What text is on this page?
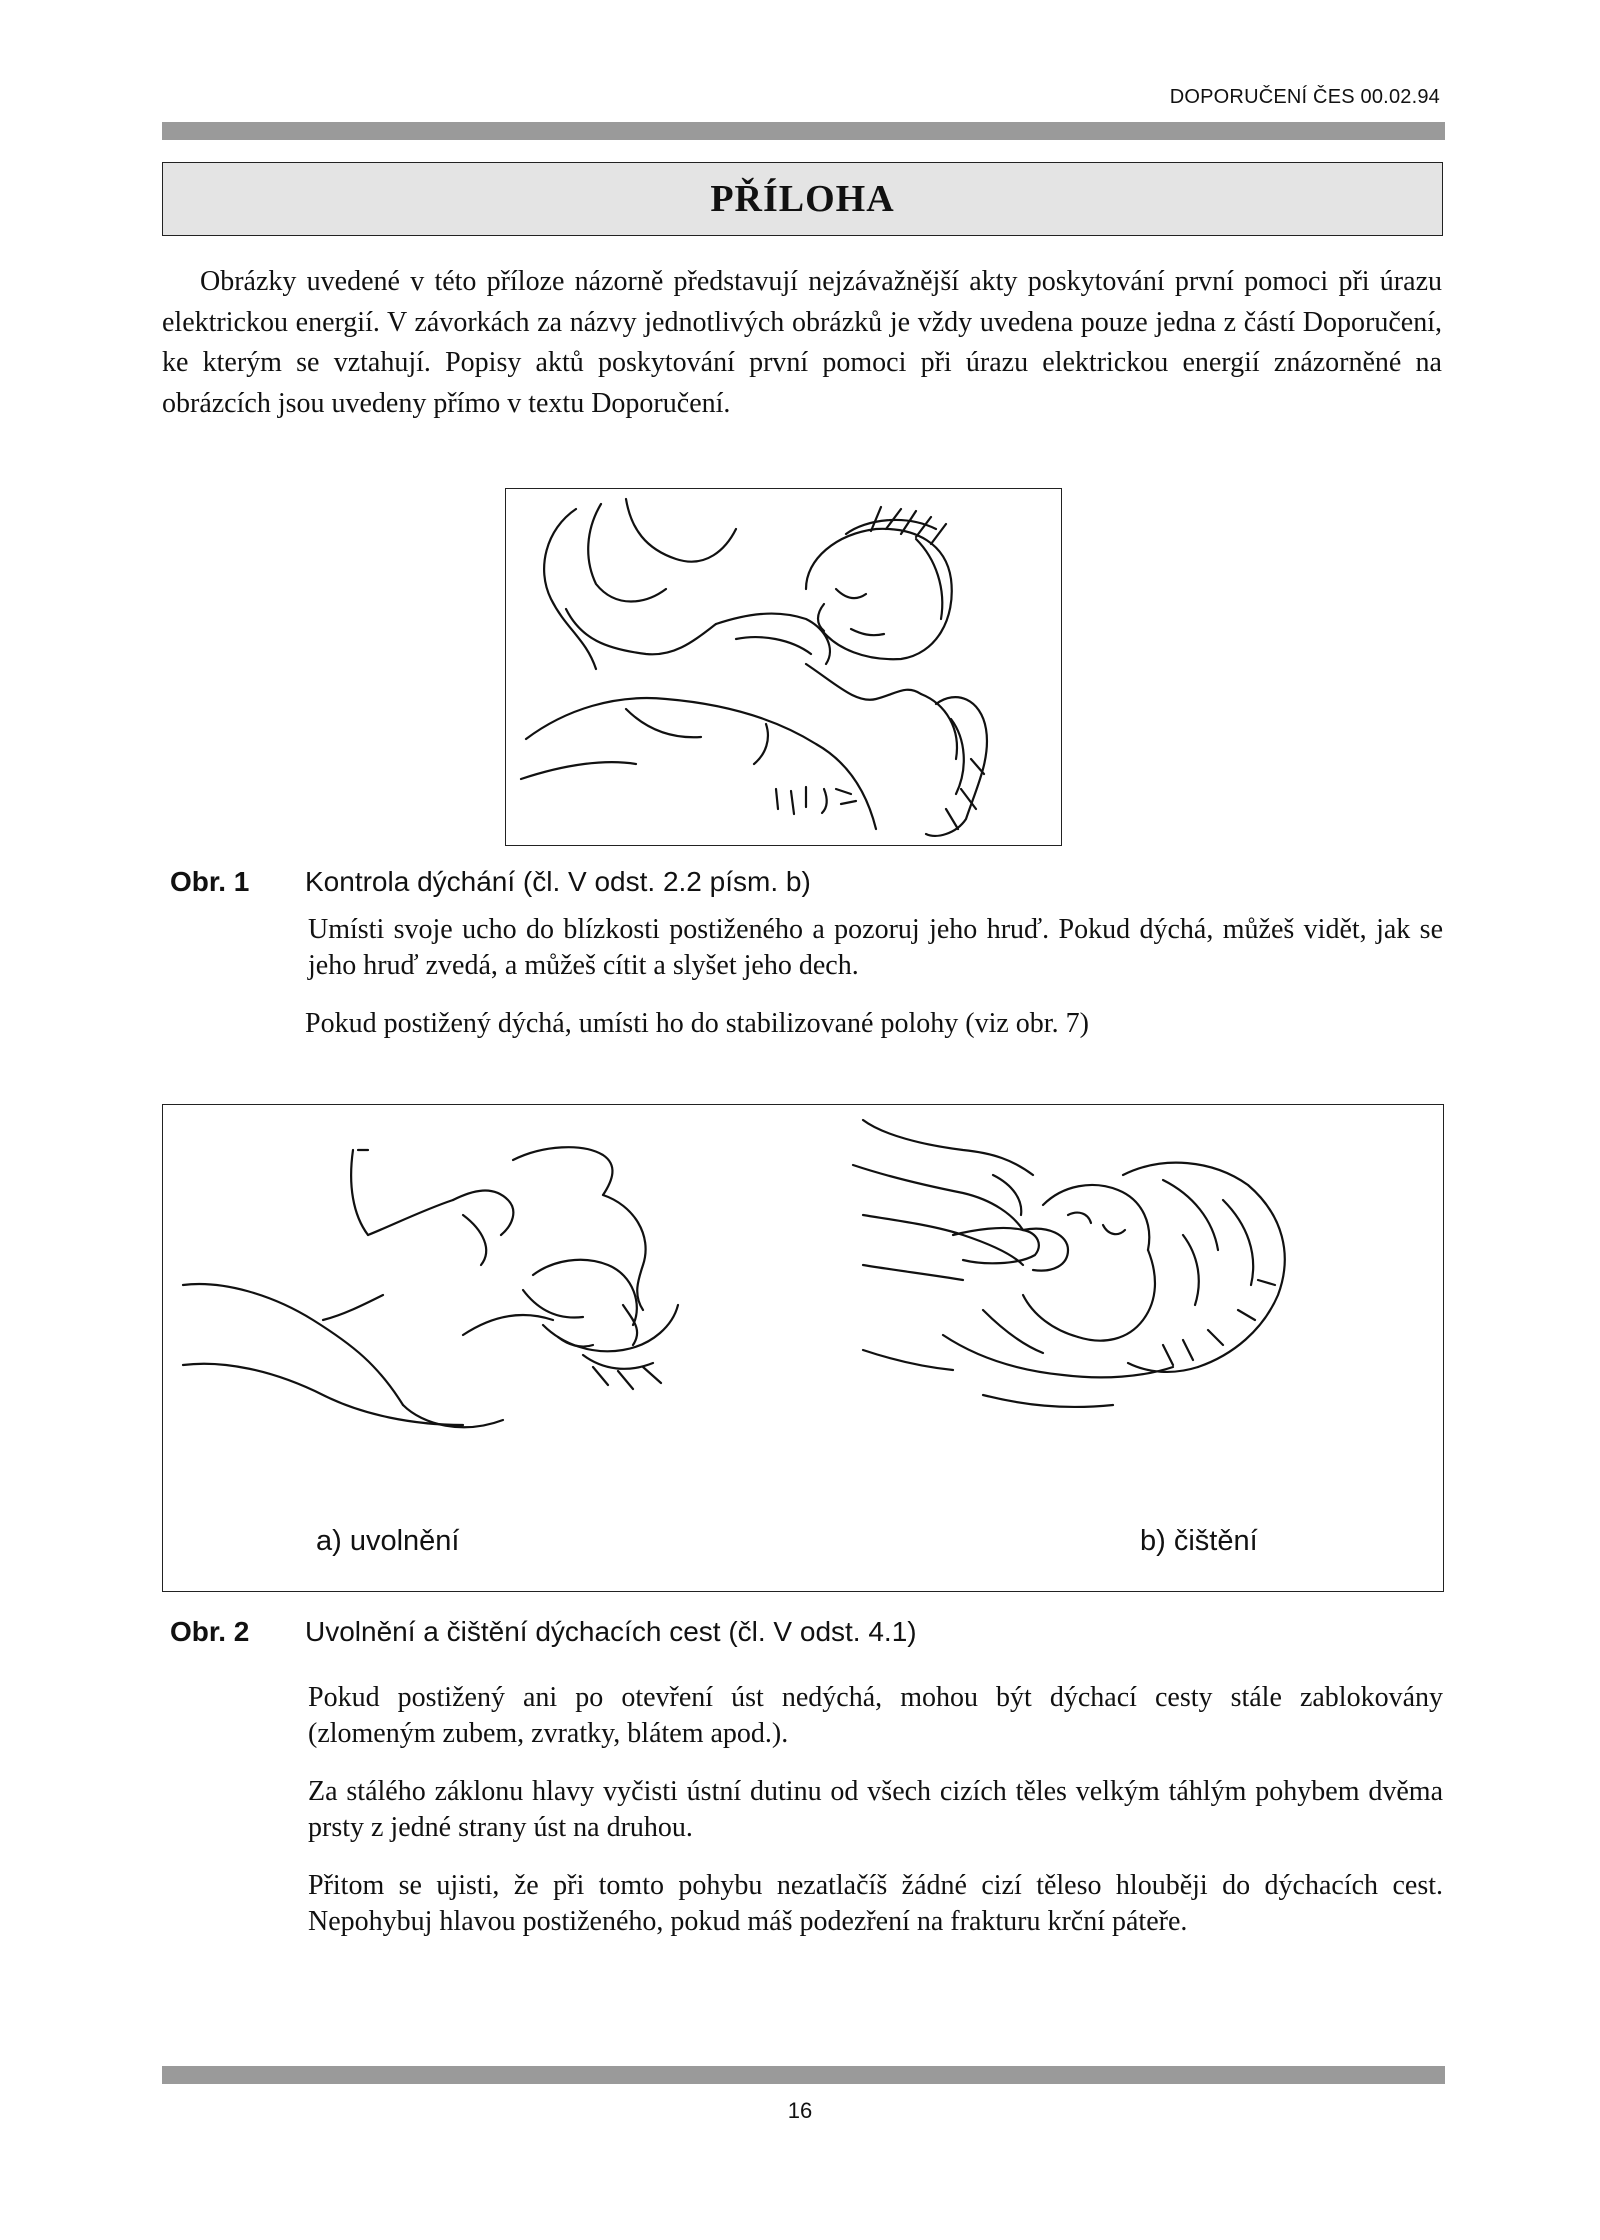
DOPORUČENÍ ČES 00.02.94
PŘÍLOHA

Obrázky uvedené v této příloze názorně představují nejzávažnější akty poskytování první pomoci při úrazu elektrickou energií. V závorkách za názvy jednotlivých obrázků je vždy uvedena pouze jedna z částí Doporučení, ke kterým se vztahují. Popisy aktů poskytování první pomoci při úrazu elektrickou energií znázorněné na obrázcích jsou uvedeny přímo v textu Doporučení.

Obr. 1 Kontrola dýchání (čl. V odst. 2.2 písm. b)

Umísti svoje ucho do blízkosti postiženého a pozoruj jeho hruď. Pokud dýchá, můžeš vidět, jak se jeho hruď zvedá, a můžeš cítit a slyšet jeho dech.

Pokud postižený dýchá, umísti ho do stabilizované polohy (viz obr. 7)

a) uvolnění	b) čištění
Obr. 2 Uvolnění a čištění dýchacích cest (čl. V odst. 4.1)

Pokud postižený ani po otevření úst nedýchá, mohou být dýchací cesty stále zablokovány (zlomeným zubem, zvratky, blátem apod.).

Za stálého záklonu hlavy vyčisti ústní dutinu od všech cizích těles velkým táhlým pohybem dvěma prsty z jedné strany úst na druhou.

Přitom se ujisti, že při tomto pohybu nezatlačíš žádné cizí těleso hlouběji do dýchacích cest. Nepohybuj hlavou postiženého, pokud máš podezření na frakturu krční páteře.

16
